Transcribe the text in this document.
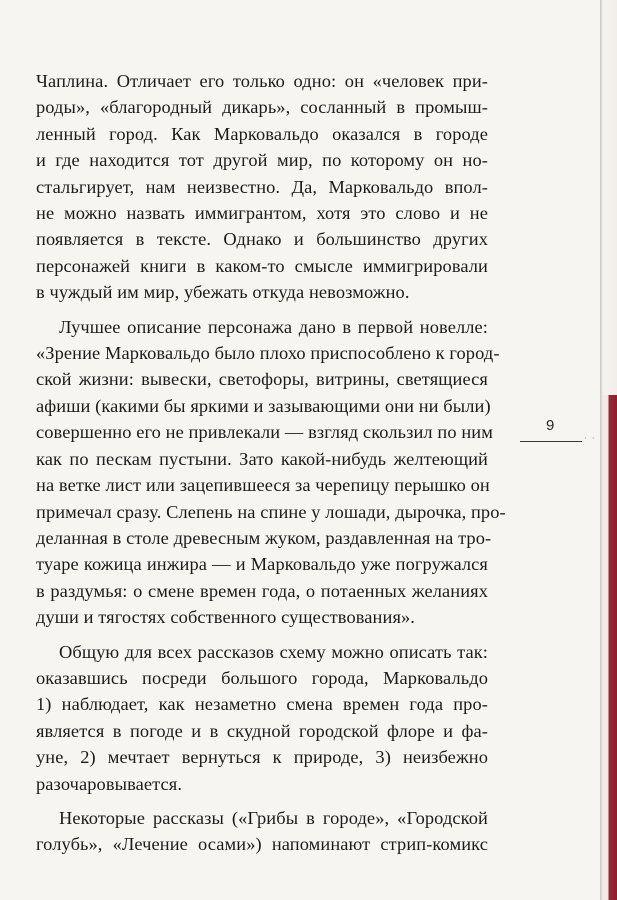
Чаплина. Отличает его только одно: он «человек при-
роды», «благородный дикарь», сосланный в промыш-
ленный город. Как Марковальдо оказался в городе
и где находится тот другой мир, по которому он но-
стальгирует, нам неизвестно. Да, Марковальдо впол-
не можно назвать иммигрантом, хотя это слово и не
появляется в тексте. Однако и большинство других
персонажей книги в каком-то смысле иммигрировали
в чуждый им мир, убежать откуда невозможно.

Лучшее описание персонажа дано в первой новелле:
«Зрение Марковальдо было плохо приспособлено к город-
ской жизни: вывески, светофоры, витрины, светящиеся
афиши (какими бы яркими и зазывающими они ни были)
совершенно его не привлекали — взгляд скользил по ним
как по пескам пустыни. Зато какой-нибудь желтеющий
на ветке лист или зацепившееся за черепицу перышко он
примечал сразу. Слепень на спине у лошади, дырочка, про-
деланная в столе древесным жуком, раздавленная на тро-
туаре кожица инжира — и Марковальдо уже погружался
в раздумья: о смене времен года, о потаенных желаниях
души и тягостях собственного существования».

Общую для всех рассказов схему можно описать так:
оказавшись посреди большого города, Марковальдо
1) наблюдает, как незаметно смена времен года про-
является в погоде и в скудной городской флоре и фа-
уне, 2) мечтает вернуться к природе, 3) неизбежно
разочаровывается.

Некоторые рассказы («Грибы в городе», «Городской
голубь», «Лечение осами») напоминают стрип-комикс

9
· ·
